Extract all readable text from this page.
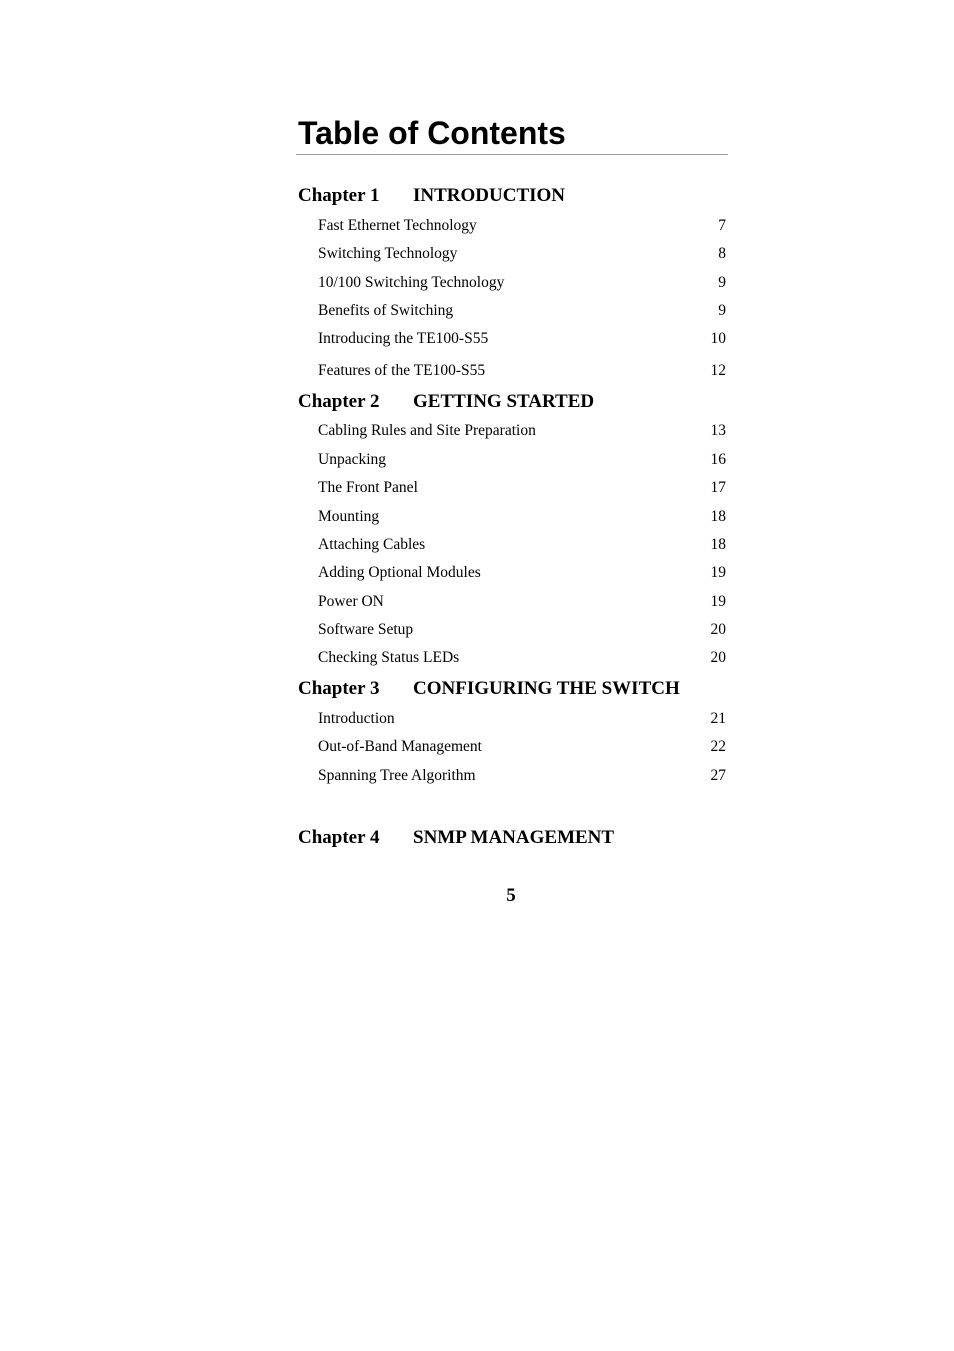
Table of Contents
Chapter 1 INTRODUCTION
Fast Ethernet Technology	7
Switching Technology	8
10/100 Switching Technology	9
Benefits of Switching	9
Introducing the TE100-S55	10
Features of the TE100-S55	12
Chapter 2 GETTING STARTED
Cabling Rules and Site Preparation	13
Unpacking	16
The Front Panel	17
Mounting	18
Attaching Cables	18
Adding Optional Modules	19
Power ON	19
Software Setup	20
Checking Status LEDs	20
Chapter 3 CONFIGURING THE SWITCH
Introduction	21
Out-of-Band Management	22
Spanning Tree Algorithm	27
Chapter 4 SNMP MANAGEMENT
5
